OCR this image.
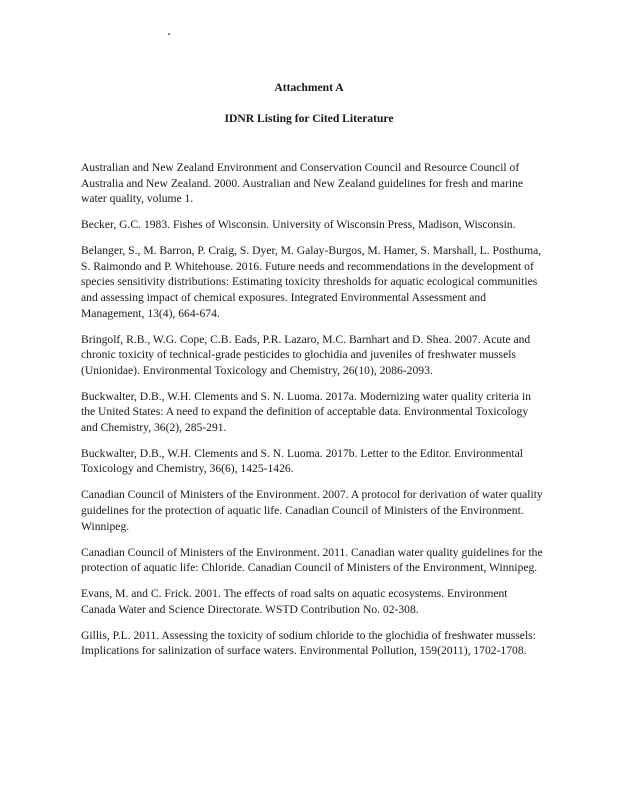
Attachment A
IDNR Listing for Cited Literature
Australian and New Zealand Environment and Conservation Council and Resource Council of Australia and New Zealand. 2000. Australian and New Zealand guidelines for fresh and marine water quality, volume 1.
Becker, G.C. 1983. Fishes of Wisconsin. University of Wisconsin Press, Madison, Wisconsin.
Belanger, S., M. Barron, P. Craig, S. Dyer, M. Galay-Burgos, M. Hamer, S. Marshall, L. Posthuma, S. Raimondo and P. Whitehouse. 2016. Future needs and recommendations in the development of species sensitivity distributions: Estimating toxicity thresholds for aquatic ecological communities and assessing impact of chemical exposures. Integrated Environmental Assessment and Management, 13(4), 664-674.
Bringolf, R.B., W.G. Cope, C.B. Eads, P.R. Lazaro, M.C. Barnhart and D. Shea. 2007. Acute and chronic toxicity of technical-grade pesticides to glochidia and juveniles of freshwater mussels (Unionidae). Environmental Toxicology and Chemistry, 26(10), 2086-2093.
Buckwalter, D.B., W.H. Clements and S. N. Luoma. 2017a. Modernizing water quality criteria in the United States: A need to expand the definition of acceptable data. Environmental Toxicology and Chemistry, 36(2), 285-291.
Buckwalter, D.B., W.H. Clements and S. N. Luoma. 2017b. Letter to the Editor. Environmental Toxicology and Chemistry, 36(6), 1425-1426.
Canadian Council of Ministers of the Environment. 2007. A protocol for derivation of water quality guidelines for the protection of aquatic life. Canadian Council of Ministers of the Environment. Winnipeg.
Canadian Council of Ministers of the Environment. 2011. Canadian water quality guidelines for the protection of aquatic life: Chloride. Canadian Council of Ministers of the Environment, Winnipeg.
Evans, M. and C. Frick. 2001. The effects of road salts on aquatic ecosystems. Environment Canada Water and Science Directorate. WSTD Contribution No. 02-308.
Gillis, P.L. 2011. Assessing the toxicity of sodium chloride to the glochidia of freshwater mussels: Implications for salinization of surface waters. Environmental Pollution, 159(2011), 1702-1708.
